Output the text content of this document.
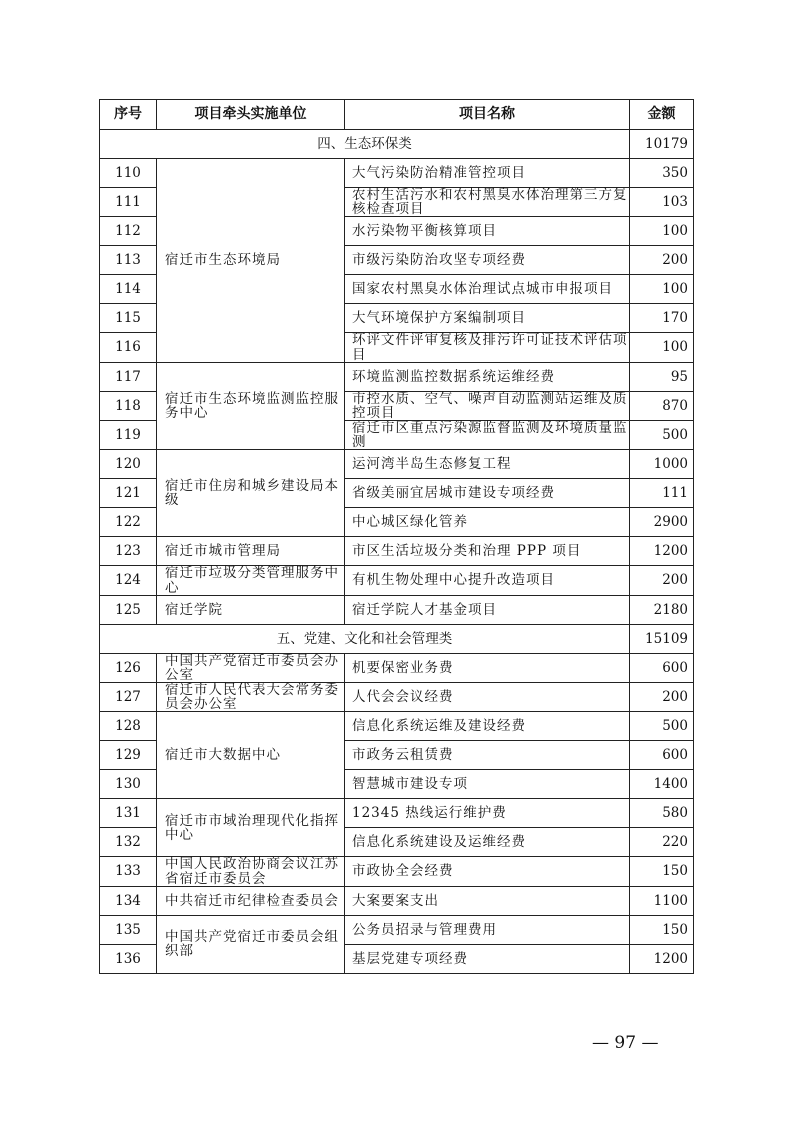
序号	项目牵头实施单位	项目名称	金额
四、生态环保类			10179
110	宿迁市生态环境局	大气污染防治精准管控项目	350
111		农村生活污水和农村黑臭水体治理第三方复核检查项目	103
112		水污染物平衡核算项目	100
113		市级污染防治攻坚专项经费	200
114		国家农村黑臭水体治理试点城市申报项目	100
115		大气环境保护方案编制项目	170
116		环评文件评审复核及排污许可证技术评估项目	100
117	宿迁市生态环境监测监控服务中心	环境监测监控数据系统运维经费	95
118		市控水质、空气、噪声自动监测站运维及质控项目	870
119		宿迁市区重点污染源监督监测及环境质量监测	500
120	宿迁市住房和城乡建设局本级	运河湾半岛生态修复工程	1000
121		省级美丽宜居城市建设专项经费	111
122		中心城区绿化管养	2900
123	宿迁市城市管理局	市区生活垃圾分类和治理 PPP 项目	1200
124	宿迁市垃圾分类管理服务中心	有机生物处理中心提升改造项目	200
125	宿迁学院	宿迁学院人才基金项目	2180
五、党建、文化和社会管理类			15109
126	中国共产党宿迁市委员会办公室	机要保密业务费	600
127	宿迁市人民代表大会常务委员会办公室	人代会会议经费	200
128	宿迁市大数据中心	信息化系统运维及建设经费	500
129		市政务云租赁费	600
130		智慧城市建设专项	1400
131	宿迁市市域治理现代化指挥中心	12345 热线运行维护费	580
132		信息化系统建设及运维经费	220
133	中国人民政治协商会议江苏省宿迁市委员会	市政协全会经费	150
134	中共宿迁市纪律检查委员会	大案要案支出	1100
135	中国共产党宿迁市委员会组织部	公务员招录与管理费用	150
136		基层党建专项经费	1200
— 97 —
